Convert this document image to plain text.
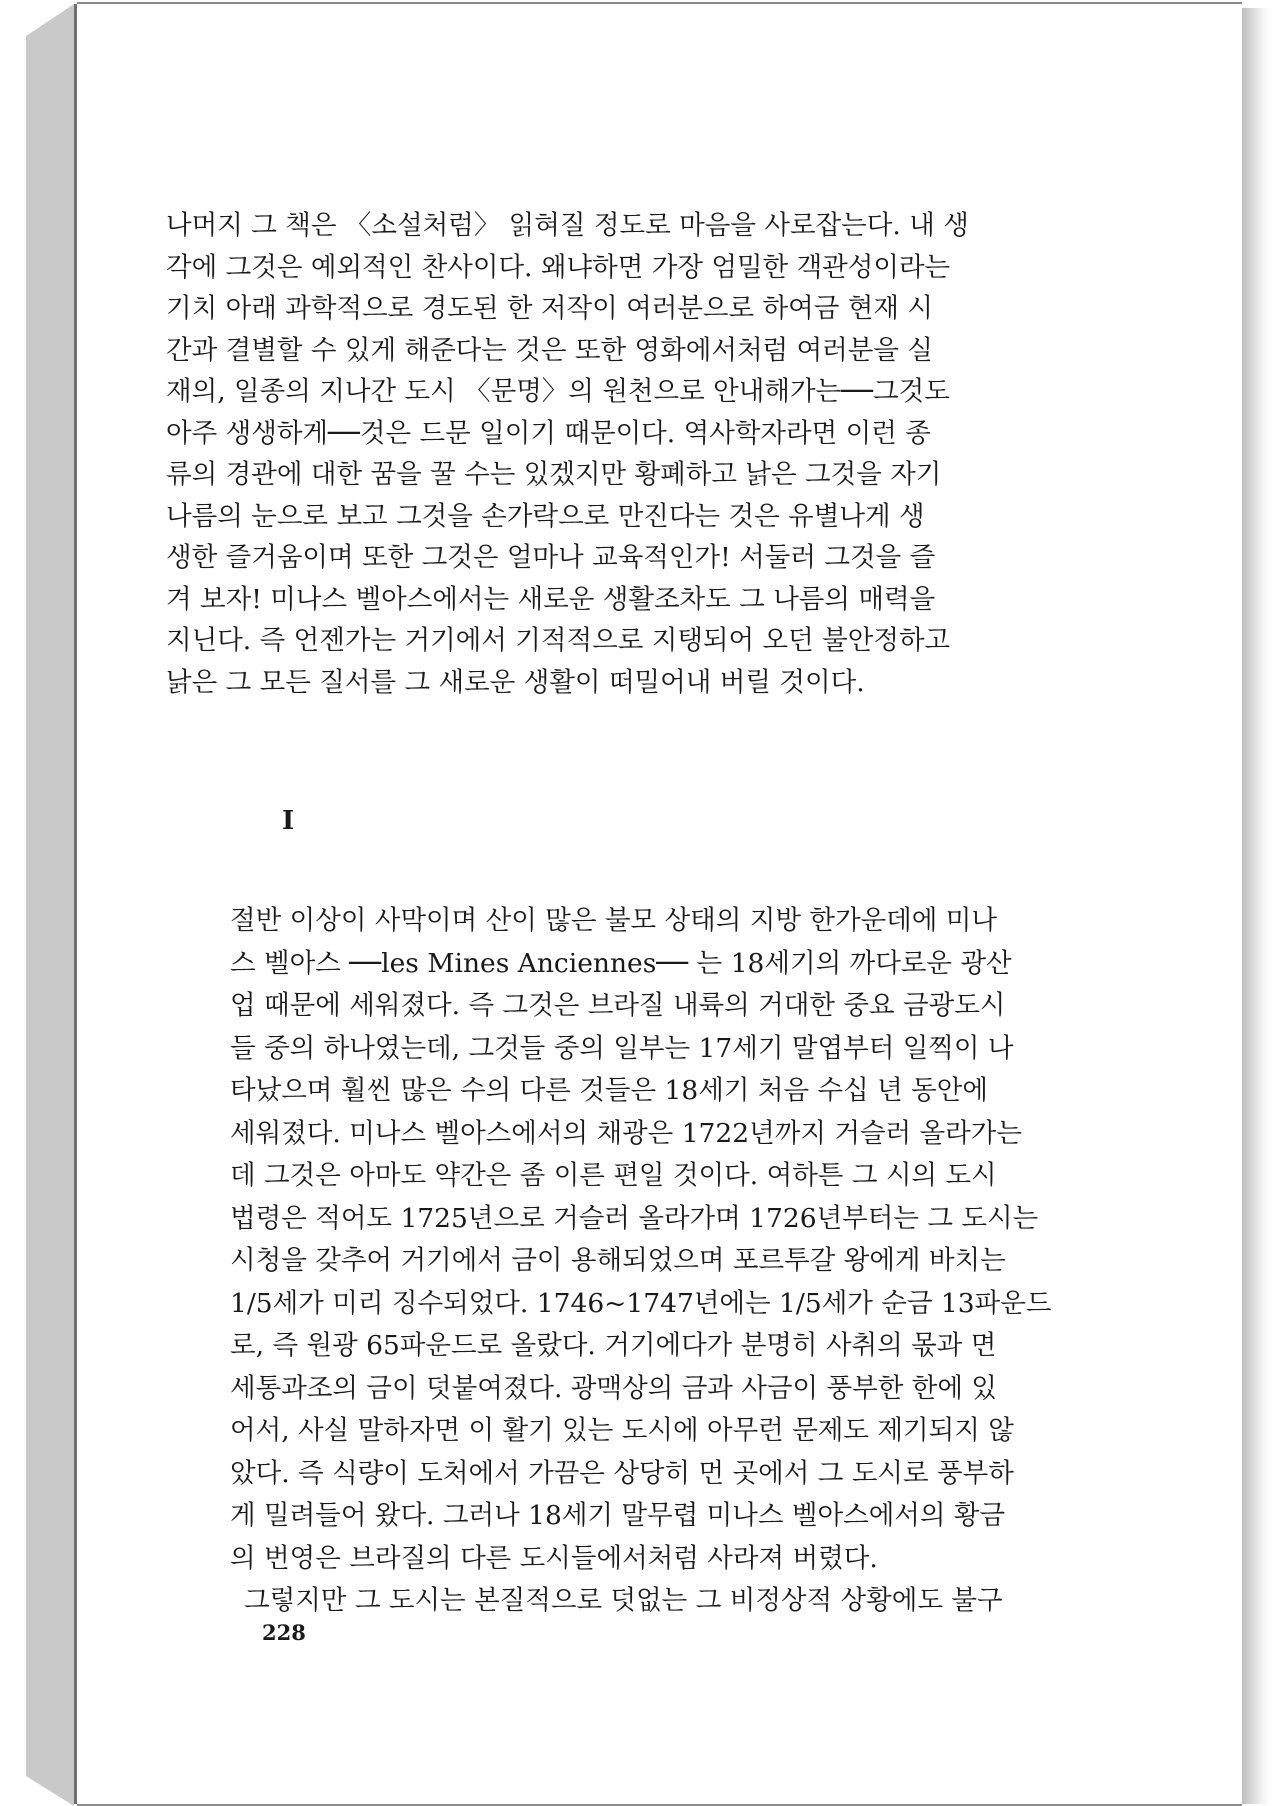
나머지 그 책은 〈소설처럼〉 읽혀질 정도로 마음을 사로잡는다. 내 생
각에 그것은 예외적인 찬사이다. 왜냐하면 가장 엄밀한 객관성이라는
기치 아래 과학적으로 경도된 한 저작이 여러분으로 하여금 현재 시
간과 결별할 수 있게 해준다는 것은 또한 영화에서처럼 여러분을 실
재의, 일종의 지나간 도시 〈문명〉의 원천으로 안내해가는──그것도
아주 생생하게──것은 드문 일이기 때문이다. 역사학자라면 이런 종
류의 경관에 대한 꿈을 꿀 수는 있겠지만 황폐하고 낡은 그것을 자기
나름의 눈으로 보고 그것을 손가락으로 만진다는 것은 유별나게 생
생한 즐거움이며 또한 그것은 얼마나 교육적인가! 서둘러 그것을 즐
겨 보자! 미나스 벨아스에서는 새로운 생활조차도 그 나름의 매력을
지닌다. 즉 언젠가는 거기에서 기적적으로 지탱되어 오던 불안정하고
낡은 그 모든 질서를 그 새로운 생활이 떠밀어내 버릴 것이다.

I

절반 이상이 사막이며 산이 많은 불모 상태의 지방 한가운데에 미나
스 벨아스 ──les Mines Anciennes── 는 18세기의 까다로운 광산
업 때문에 세워졌다. 즉 그것은 브라질 내륙의 거대한 중요 금광도시
들 중의 하나였는데, 그것들 중의 일부는 17세기 말엽부터 일찍이 나
타났으며 훨씬 많은 수의 다른 것들은 18세기 처음 수십 년 동안에
세워졌다. 미나스 벨아스에서의 채광은 1722년까지 거슬러 올라가는
데 그것은 아마도 약간은 좀 이른 편일 것이다. 여하튼 그 시의 도시
법령은 적어도 1725년으로 거슬러 올라가며 1726년부터는 그 도시는
시청을 갖추어 거기에서 금이 용해되었으며 포르투갈 왕에게 바치는
1/5세가 미리 징수되었다. 1746~1747년에는 1/5세가 순금 13파운드
로, 즉 원광 65파운드로 올랐다. 거기에다가 분명히 사취의 몫과 면
세통과조의 금이 덧붙여졌다. 광맥상의 금과 사금이 풍부한 한에 있
어서, 사실 말하자면 이 활기 있는 도시에 아무런 문제도 제기되지 않
았다. 즉 식량이 도처에서 가끔은 상당히 먼 곳에서 그 도시로 풍부하
게 밀려들어 왔다. 그러나 18세기 말무렵 미나스 벨아스에서의 황금
의 번영은 브라질의 다른 도시들에서처럼 사라져 버렸다.

그렇지만 그 도시는 본질적으로 덧없는 그 비정상적 상황에도 불구

228
